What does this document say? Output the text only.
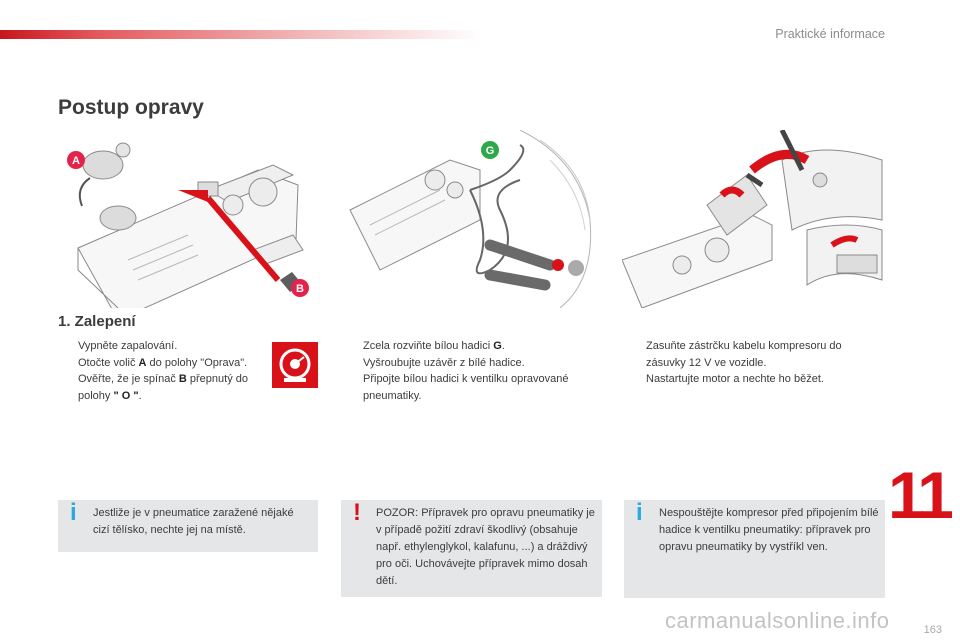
Praktické informace
Postup opravy
A
B
G
1. Zalepení
Vypněte zapalování.
Otočte volič A do polohy "Oprava".
Ověřte, že je spínač B přepnutý do polohy " O ".
Zcela rozviňte bílou hadici G.
Vyšroubujte uzávěr z bílé hadice.
Připojte bílou hadici k ventilku opravované pneumatiky.
Zasuňte zástrčku kabelu kompresoru do zásuvky 12 V ve vozidle.
Nastartujte motor a nechte ho běžet.
i Jestliže je v pneumatice zaražené nějaké cizí tělísko, nechte jej na místě.
! POZOR: Přípravek pro opravu pneumatiky je v případě požití zdraví škodlivý (obsahuje např. ethylenglykol, kalafunu, ...) a dráždivý pro oči. Uchovávejte přípravek mimo dosah dětí.
i Nespouštějte kompresor před připojením bílé hadice k ventilku pneumatiky: přípravek pro opravu pneumatiky by vystříkl ven.
11
carmanualsonline.info	163
